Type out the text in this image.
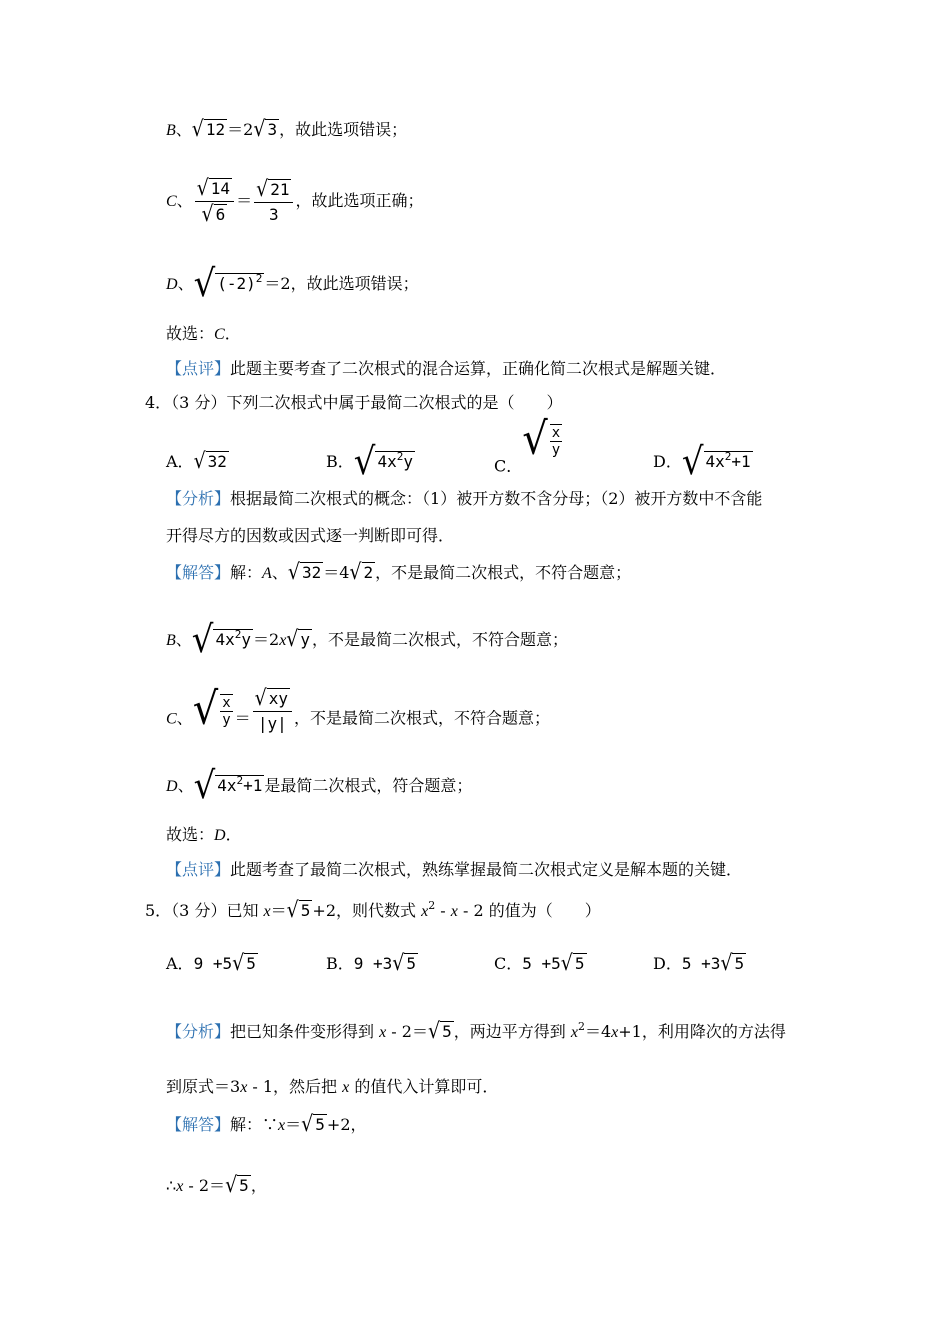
B、√ 12 ＝2√ 3 ，故此选项错误；
C、 $\frac{√ 14}{√ 6} = \frac{√ 21}{3}$ ，故此选项正确；
D、√ $(-2)^2 =2$，故此选项错误；
故选：C．
【点评】此题主要考查了二次根式的混合运算，正确化简二次根式是解题关键．
4．（3 分）下列二次根式中属于最简二次根式的是（　　）
A．√ 32	B．√ $4x^2y$	C．√ $\frac{x}{y}$
D．√ $4x^2+1$
【分析】根据最简二次根式的概念：（1）被开方数不含分母；（2）被开方数中不含能
开得尽方的因数或因式逐一判断即可得．
【解答】解：A、√ 32 ＝4√ 2 ，不是最简二次根式，不符合题意；
B、√ $4x^2y =2x√$ y ，不是最简二次根式，不符合题意；
C、√ $\frac{x}{y} = \frac{√ xy}{|y|}$ ，不是最简二次根式，不符合题意；
D、√ $4x^2+1$ 是最简二次根式，符合题意；
故选：D．
【点评】此题考查了最简二次根式，熟练掌握最简二次根式定义是解本题的关键．
5．（3 分）已知 x＝√ 5 +2，则代数式 $x^2$ - x - 2 的值为（　　）
A．9 +5√ 5	B．9 +3√ 5	C．5 +5√ 5	D．5 +3√ 5
【分析】把已知条件变形得到 x - 2＝√ 5 ，两边平方得到 $x^2=4x+1$，利用降次的方法得
到原式＝3x - 1，然后把 x 的值代入计算即可．
【解答】解：∵x＝√ 5 +2，
∴x - 2＝√ 5 ，
